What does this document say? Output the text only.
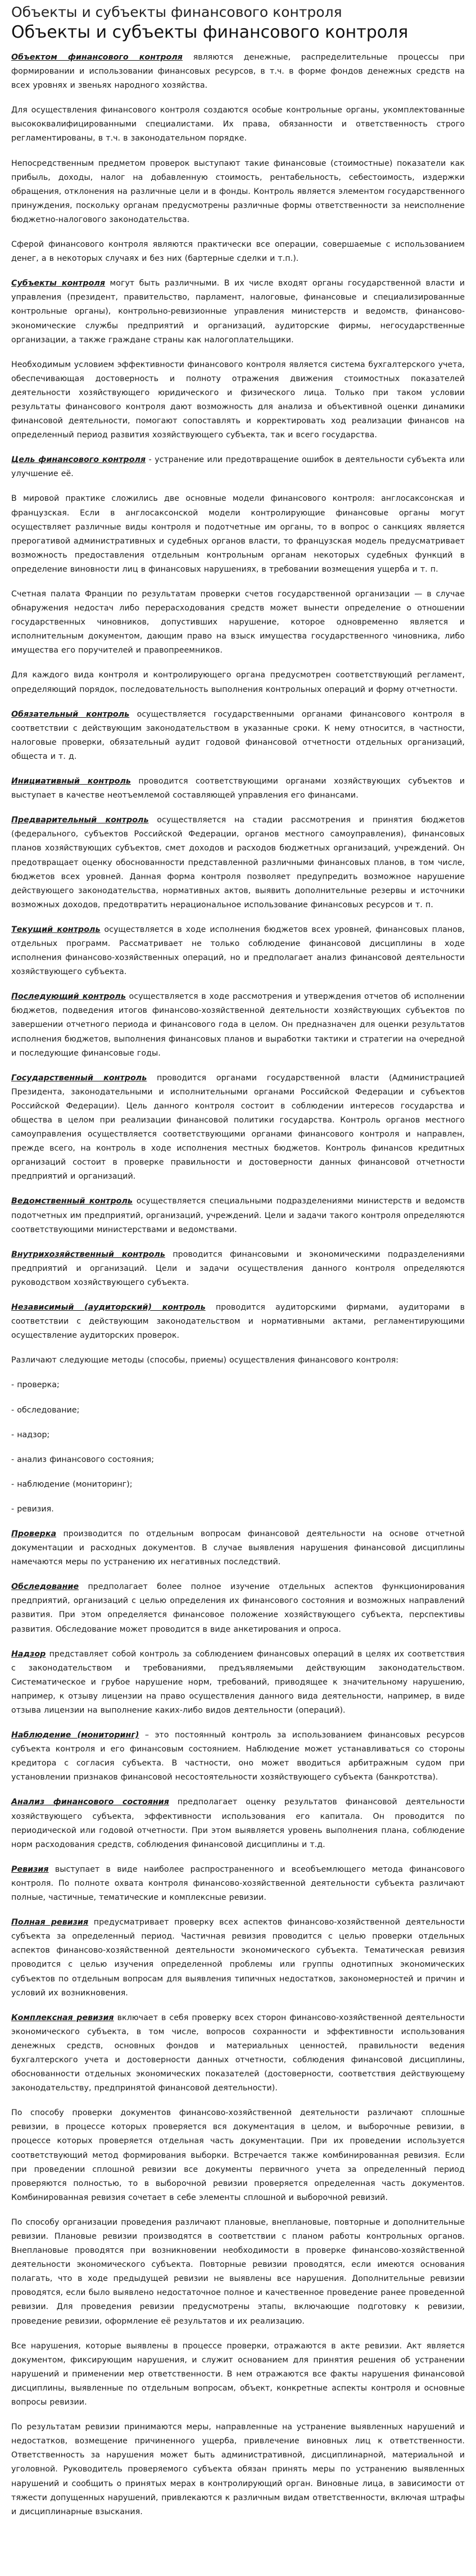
Объекты и субъекты финансового контроля
Объекты и субъекты финансового контроля

Объектом финансового контроля являются денежные, распределительные процессы при формировании и использовании финансовых ресурсов, в т.ч. в форме фондов денежных средств на всех уровнях и звеньях народного хозяйства.

Для осуществления финансового контроля создаются особые контрольные органы, укомплектованные высококвалифицированными специалистами. Их права, обязанности и ответственность строго регламентированы, в т.ч. в законодательном порядке.

Непосредственным предметом проверок выступают такие финансовые (стоимостные) показатели как прибыль, доходы, налог на добавленную стоимость, рентабельность, себестоимость, издержки обращения, отклонения на различные цели и в фонды. Контроль является элементом государственного принуждения, поскольку органам предусмотрены различные формы ответственности за неисполнение бюджетно-налогового законодательства.

Сферой финансового контроля являются практически все операции, совершаемые с использованием денег, а в некоторых случаях и без них (бартерные сделки и т.п.).

Субъекты контроля могут быть различными. В их числе входят органы государственной власти и управления (президент, правительство, парламент, налоговые, финансовые и специализированные контрольные органы), контрольно-ревизионные управления министерств и ведомств, финансово-экономические службы предприятий и организаций, аудиторские фирмы, негосударственные организации, а также граждане страны как налогоплательщики.

Необходимым условием эффективности финансового контроля является система бухгалтерского учета, обеспечивающая достоверность и полноту отражения движения стоимостных показателей деятельности хозяйствующего юридического и физического лица. Только при таком условии результаты финансового контроля дают возможность для анализа и объективной оценки динамики финансовой деятельности, помогают сопоставлять и корректировать ход реализации финансов на определенный период развития хозяйствующего субъекта, так и всего государства.

Цель финансового контроля - устранение или предотвращение ошибок в деятельности субъекта или улучшение её.

В мировой практике сложились две основные модели финансового контроля: англосаксонская и французская. Если в англосаксонской модели контролирующие финансовые органы могут осуществляет различные виды контроля и подотчетные им органы, то в вопрос о санкциях является прерогативой административных и судебных органов власти, то французская модель предусматривает возможность предоставления отдельным контрольным органам некоторых судебных функций в определение виновности лиц в финансовых нарушениях, в требовании возмещения ущерба и т. п.

Счетная палата Франции по результатам проверки счетов государственной организации — в случае обнаружения недостач либо перерасходования средств может вынести определение о отношении государственных чиновников, допустивших нарушение, которое одновременно является и исполнительным документом, дающим право на взыск имущества государственного чиновника, либо имущества его поручителей и правопреемников.

Для каждого вида контроля и контролирующего органа предусмотрен соответствующий регламент, определяющий порядок, последовательность выполнения контрольных операций и форму отчетности.

Обязательный контроль осуществляется государственными органами финансового контроля в соответствии с действующим законодательством в указанные сроки. К нему относится, в частности, налоговые проверки, обязательный аудит годовой финансовой отчетности отдельных организаций, общеста и т. д.

Инициативный контроль проводится соответствующими органами хозяйствующих субъектов и выступает в качестве неотъемлемой составляющей управления его финансами.

Предварительный контроль осуществляется на стадии рассмотрения и принятия бюджетов (федерального, субъектов Российской Федерации, органов местного самоуправления), финансовых планов хозяйствующих субъектов, смет доходов и расходов бюджетных организаций, учреждений. Он предотвращает оценку обоснованности представленной различными финансовых планов, в том числе, бюджетов всех уровней. Данная форма контроля позволяет предупредить возможное нарушение действующего законодательства, нормативных актов, выявить дополнительные резервы и источники возможных доходов, предотвратить нерациональное использование финансовых ресурсов и т. п.

Текущий контроль осуществляется в ходе исполнения бюджетов всех уровней, финансовых планов, отдельных программ. Рассматривает не только соблюдение финансовой дисциплины в ходе исполнения финансово-хозяйственных операций, но и предполагает анализ финансовой деятельности хозяйствующего субъекта.

Последующий контроль осуществляется в ходе рассмотрения и утверждения отчетов об исполнении бюджетов, подведения итогов финансово-хозяйственной деятельности хозяйствующих субъектов по завершении отчетного периода и финансового года в целом. Он предназначен для оценки результатов исполнения бюджетов, выполнения финансовых планов и выработки тактики и стратегии на очередной и последующие финансовые годы.

Государственный контроль проводится органами государственной власти (Администрацией Президента, законодательными и исполнительными органами Российской Федерации и субъектов Российской Федерации). Цель данного контроля состоит в соблюдении интересов государства и общества в целом при реализации финансовой политики государства. Контроль органов местного самоуправления осуществляется соответствующими органами финансового контроля и направлен, прежде всего, на контроль в ходе исполнения местных бюджетов. Контроль финансов кредитных организаций состоит в проверке правильности и достоверности данных финансовой отчетности предприятий и организаций.

Ведомственный контроль осуществляется специальными подразделениями министерств и ведомств подотчетных им предприятий, организаций, учреждений. Цели и задачи такого контроля определяются соответствующими министерствами и ведомствами.

Внутрихозяйственный контроль проводится финансовыми и экономическими подразделениями предприятий и организаций. Цели и задачи осуществления данного контроля определяются руководством хозяйствующего субъекта.

Независимый (аудиторский) контроль проводится аудиторскими фирмами, аудиторами в соответствии с действующим законодательством и нормативными актами, регламентирующими осуществление аудиторских проверок.

Различают следующие методы (способы, приемы) осуществления финансового контроля:

- проверка;

- обследование;

- надзор;

- анализ финансового состояния;

- наблюдение (мониторинг);

- ревизия.

Проверка производится по отдельным вопросам финансовой деятельности на основе отчетной документации и расходных документов. В случае выявления нарушения финансовой дисциплины намечаются меры по устранению их негативных последствий.

Обследование предполагает более полное изучение отдельных аспектов функционирования предприятий, организаций с целью определения их финансового состояния и возможных направлений развития. При этом определяется финансовое положение хозяйствующего субъекта, перспективы развития. Обследование может проводится в виде анкетирования и опроса.

Надзор представляет собой контроль за соблюдением финансовых операций в целях их соответствия с законодательством и требованиями, предъявляемыми действующим законодательством. Систематическое и грубое нарушение норм, требований, приводящее к значительному нарушению, например, к отзыву лицензии на право осуществления данного вида деятельности, например, в виде отзыва лицензии на выполнение каких-либо видов деятельности (операций).

Наблюдение (мониторинг) – это постоянный контроль за использованием финансовых ресурсов субъекта контроля и его финансовым состоянием. Наблюдение может устанавливаться со стороны кредитора с согласия субъекта. В частности, оно может вводиться арбитражным судом при установлении признаков финансовой несостоятельности хозяйствующего субъекта (банкротства).

Анализ финансового состояния предполагает оценку результатов финансовой деятельности хозяйствующего субъекта, эффективности использования его капитала. Он проводится по периодической или годовой отчетности. При этом выявляется уровень выполнения плана, соблюдение норм расходования средств, соблюдения финансовой дисциплины и т.д.

Ревизия выступает в виде наиболее распространенного и всеобъемлющего метода финансового контроля. По полноте охвата контроля финансово-хозяйственной деятельности субъекта различают полные, частичные, тематические и комплексные ревизии.

Полная ревизия предусматривает проверку всех аспектов финансово-хозяйственной деятельности субъекта за определенный период. Частичная ревизия проводится с целью проверки отдельных аспектов финансово-хозяйственной деятельности экономического субъекта. Тематическая ревизия проводится с целью изучения определенной проблемы или группы однотипных экономических субъектов по отдельным вопросам для выявления типичных недостатков, закономерностей и причин и условий их возникновения.

Комплексная ревизия включает в себя проверку всех сторон финансово-хозяйственной деятельности экономического субъекта, в том числе, вопросов сохранности и эффективности использования денежных средств, основных фондов и материальных ценностей, правильности ведения бухгалтерского учета и достоверности данных отчетности, соблюдения финансовой дисциплины, обоснованности отдельных экономических показателей (достоверности, соответствия действующему законодательству, предпринятой финансовой деятельности).

По способу проверки документов финансово-хозяйственной деятельности различают сплошные ревизии, в процессе которых проверяется вся документация в целом, и выборочные ревизии, в процессе которых проверяется отдельная часть документации. При их проведении используется соответствующий метод формирования выборки. Встречается также комбинированная ревизия. Если при проведении сплошной ревизии все документы первичного учета за определенный период проверяются полностью, то в выборочной ревизии проверяется определенная часть документов. Комбинированная ревизия сочетает в себе элементы сплошной и выборочной ревизий.

По способу организации проведения различают плановые, внеплановые, повторные и дополнительные ревизии. Плановые ревизии производятся в соответствии с планом работы контрольных органов. Внеплановые проводятся при возникновении необходимости в проверке финансово-хозяйственной деятельности экономического субъекта. Повторные ревизии проводятся, если имеются основания полагать, что в ходе предыдущей ревизии не выявлены все нарушения. Дополнительные ревизии проводятся, если было выявлено недостаточное полное и качественное проведение ранее проведенной ревизии. Для проведения ревизии предусмотрены этапы, включающие подготовку к ревизии, проведение ревизии, оформление её результатов и их реализацию.

Все нарушения, которые выявлены в процессе проверки, отражаются в акте ревизии. Акт является документом, фиксирующим нарушения, и служит основанием для принятия решения об устранении нарушений и применении мер ответственности. В нем отражаются все факты нарушения финансовой дисциплины, выявленные по отдельным вопросам, объект, конкретные аспекты контроля и основные вопросы ревизии.

По результатам ревизии принимаются меры, направленные на устранение выявленных нарушений и недостатков, возмещение причиненного ущерба, привлечение виновных лиц к ответственности. Ответственность за нарушения может быть административной, дисциплинарной, материальной и уголовной. Руководитель проверяемого субъекта обязан принять меры по устранению выявленных нарушений и сообщить о принятых мерах в контролирующий орган. Виновные лица, в зависимости от тяжести допущенных нарушений, привлекаются к различным видам ответственности, включая штрафы и дисциплинарные взыскания.
